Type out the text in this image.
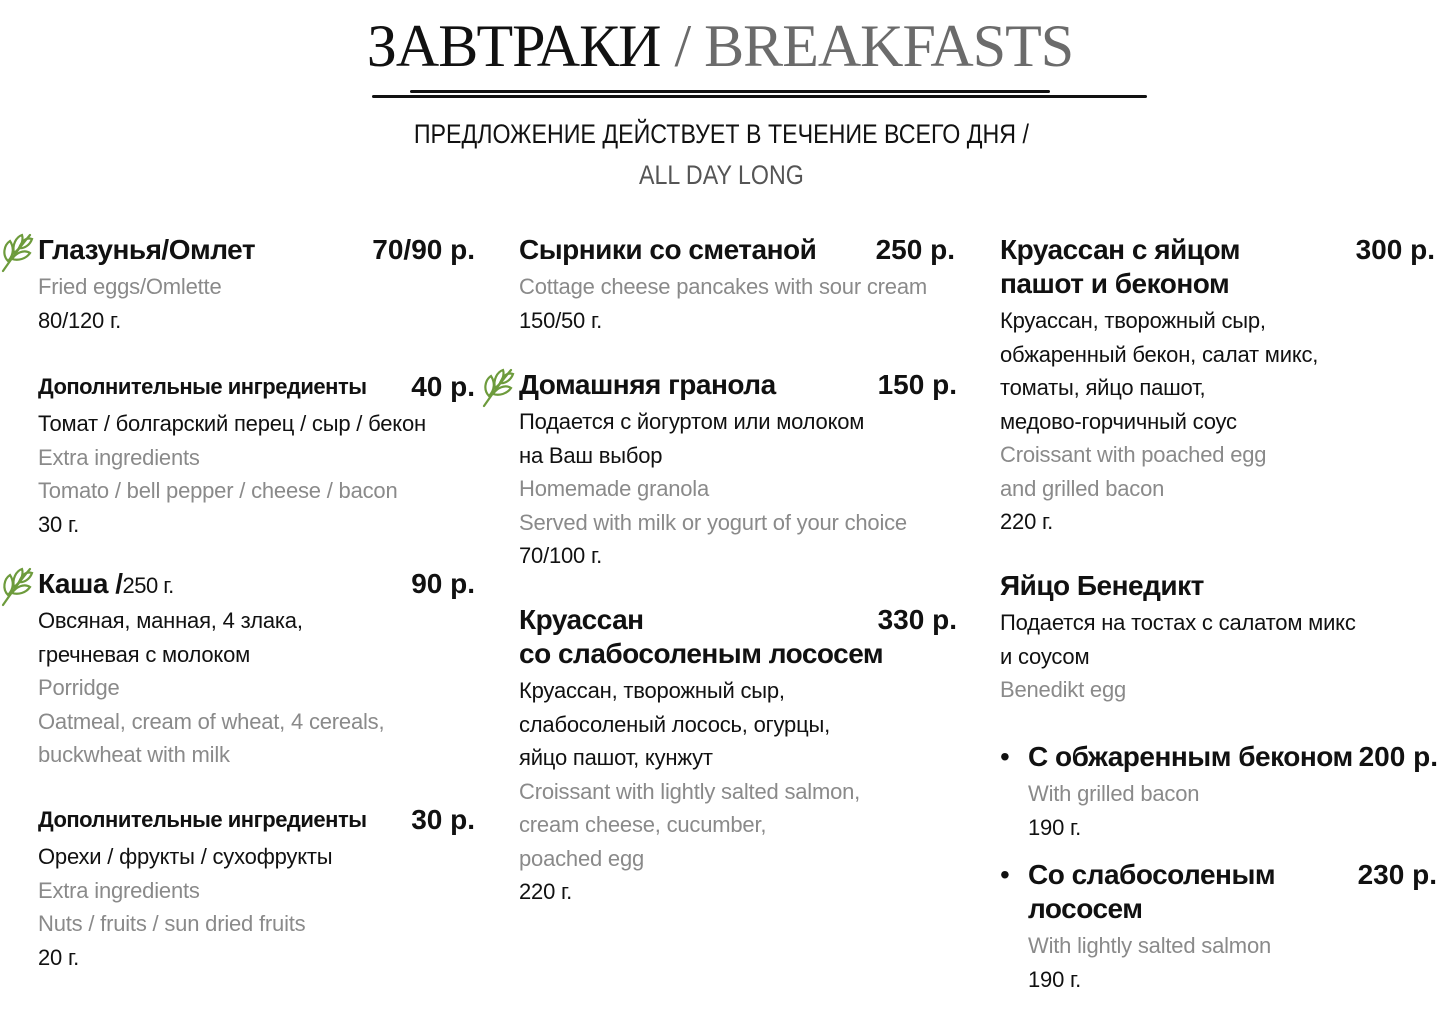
ЗАВТРАКИ / BREAKFASTS
ПРЕДЛОЖЕНИЕ ДЕЙСТВУЕТ В ТЕЧЕНИЕ ВСЕГО ДНЯ /
ALL DAY LONG
Глазунья/Омлет	70/90 р.
Fried eggs/Omlette
80/120 г.
Дополнительные ингредиенты	40 р.
Томат / болгарский перец / сыр / бекон
Extra ingredients
Tomato / bell pepper / cheese / bacon
30 г.
Каша /250 г.	90 р.
Овсяная, манная, 4 злака,
гречневая с молоком
Porridge
Oatmeal, cream of wheat, 4 cereals,
buckwheat with milk
Дополнительные ингредиенты	30 р.
Орехи / фрукты / сухофрукты
Extra ingredients
Nuts / fruits / sun dried fruits
20 г.
Сырники со сметаной	250 р.
Cottage cheese pancakes with sour cream
150/50 г.
Домашняя гранола	150 р.
Подается с йогуртом или молоком
на Ваш выбор
Homemade granola
Served with milk or yogurt of your choice
70/100 г.
Круассан
со слабосоленым лососем
330 р.
Круассан, творожный сыр,
слабосоленый лосось, огурцы,
яйцо пашот, кунжут
Croissant with lightly salted salmon,
cream cheese, cucumber,
poached egg
220 г.
Круассан с яйцом
пашот и беконом
300 р.
Круассан, творожный сыр,
обжаренный бекон, салат микс,
томаты, яйцо пашот,
медово-горчичный соус
Croissant with poached egg
and grilled bacon
220 г.
Яйцо Бенедикт
Подается на тостах с салатом микс
и соусом
Benedikt egg
• С обжаренным беконом 200 р.
With grilled bacon
190 г.
• Со слабосоленым
лососем
230 р.
With lightly salted salmon
190 г.
